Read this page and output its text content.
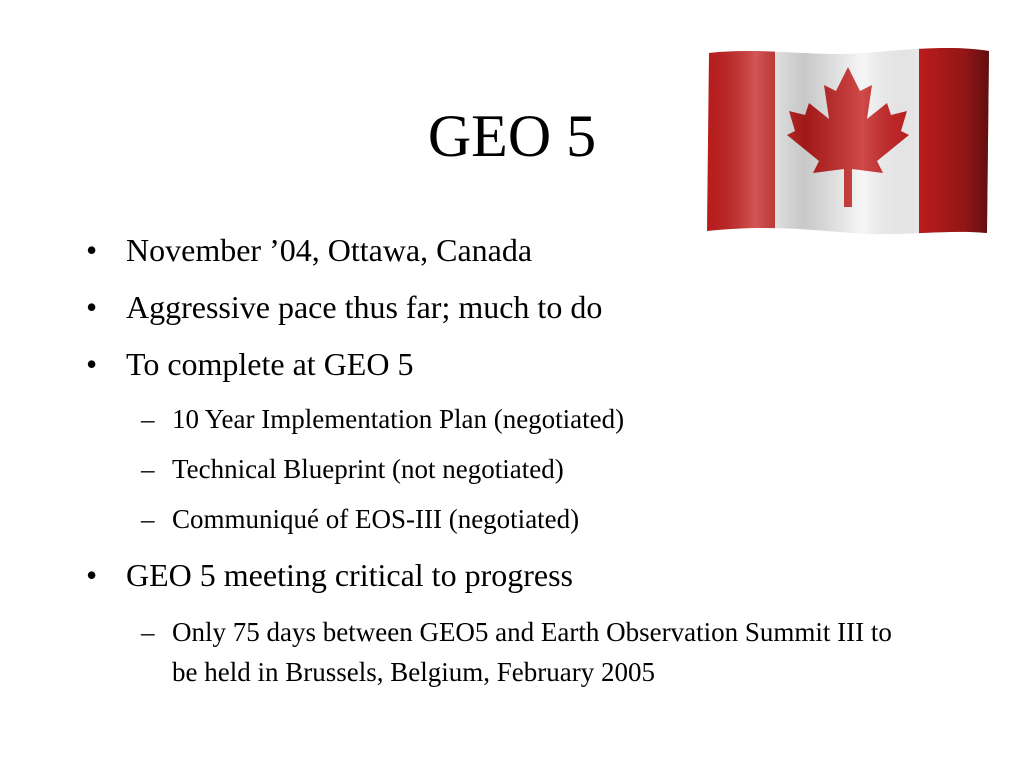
GEO 5
• November ’04, Ottawa, Canada
• Aggressive pace thus far; much to do
• To complete at GEO 5
– 10 Year Implementation Plan (negotiated)
– Technical Blueprint (not negotiated)
– Communiqué of EOS-III (negotiated)
• GEO 5 meeting critical to progress
– Only 75 days between GEO5 and Earth Observation Summit III to be held in Brussels, Belgium, February 2005
